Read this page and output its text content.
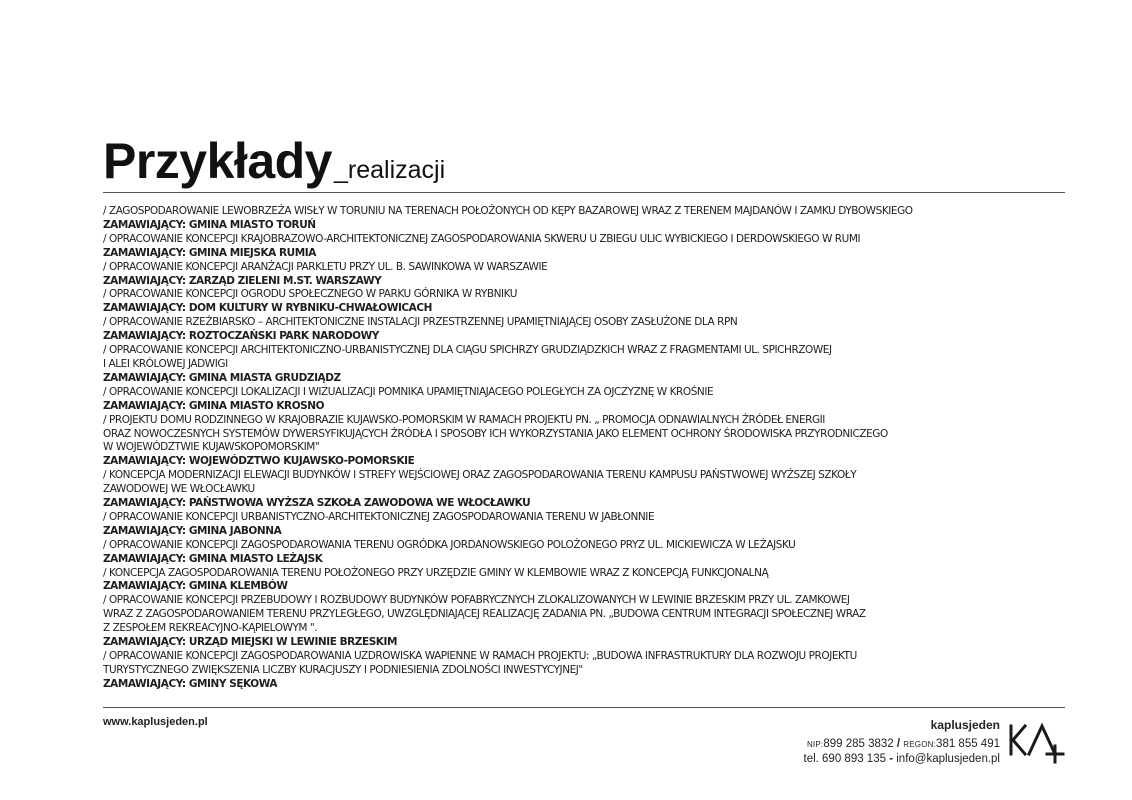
Przykłady_realizacji
/ ZAGOSPODAROWANIE LEWOBRZEŻA WISŁY W TORUNIU NA TERENACH POŁOŻONYCH OD KĘPY BAZAROWEJ WRAZ Z TERENEM MAJDANÓW I ZAMKU DYBOWSKIEGO
ZAMAWIAJĄCY: GMINA MIASTO TORUŃ
/ OPRACOWANIE KONCEPCJI KRAJOBRAZOWO-ARCHITEKTONICZNEJ ZAGOSPODAROWANIA SKWERU U ZBIEGU ULIC WYBICKIEGO I DERDOWSKIEGO W RUMI
ZAMAWIAJĄCY: GMINA MIEJSKA RUMIA
/ OPRACOWANIE KONCEPCJI ARANŻACJI PARKLETU PRZY UL. B. SAWINKOWA W WARSZAWIE
ZAMAWIAJĄCY: ZARZĄD ZIELENI M.ST. WARSZAWY
/ OPRACOWANIE KONCEPCJI OGRODU SPOŁECZNEGO W PARKU GÓRNIKA W RYBNIKU
ZAMAWIAJĄCY: DOM KULTURY W RYBNIKU-CHWAŁOWICACH
/ OPRACOWANIE RZEŹBIARSKO – ARCHITEKTONICZNE INSTALACJI PRZESTRZENNEJ UPAMIĘTNIAJĄCEJ OSOBY ZASŁUŻONE DLA RPN
ZAMAWIAJĄCY: ROZTOCZAŃSKI PARK NARODOWY
/ OPRACOWANIE KONCEPCJI ARCHITEKTONICZNO-URBANISTYCZNEJ DLA CIĄGU SPICHRZY GRUDZIĄDZKICH WRAZ Z FRAGMENTAMI UL. SPICHRZOWEJ
I ALEI KRÓLOWEJ JADWIGI
ZAMAWIAJĄCY: GMINA MIASTA GRUDZIĄDZ
/ OPRACOWANIE KONCEPCJI LOKALIZACJI I WIZUALIZACJI POMNIKA UPAMIĘTNIAJACEGO POLEGŁYCH ZA OJCZYZNĘ W KROŚNIE
ZAMAWIAJĄCY: GMINA MIASTO KROSNO
/ PROJEKTU DOMU RODZINNEGO W KRAJOBRAZIE KUJAWSKO-POMORSKIM W RAMACH PROJEKTU PN. „ PROMOCJA ODNAWIALNYCH ŹRÓDEŁ ENERGII
ORAZ NOWOCZESNYCH SYSTEMÓW DYWERSYFIKUJĄCYCH ŹRÓDŁA I SPOSOBY ICH WYKORZYSTANIA JAKO ELEMENT OCHRONY ŚRODOWISKA PRZYRODNICZEGO
W WOJEWÓDZTWIE KUJAWSKOPOMORSKIM"
ZAMAWIAJĄCY: WOJEWÓDZTWO KUJAWSKO-POMORSKIE
/ KONCEPCJA MODERNIZACJI ELEWACJI BUDYNKÓW I STREFY WEJŚCIOWEJ ORAZ ZAGOSPODAROWANIA TERENU KAMPUSU PAŃSTWOWEJ WYŻSZEJ SZKOŁY
ZAWODOWEJ WE WŁOCŁAWKU
ZAMAWIAJĄCY: PAŃSTWOWA WYŻSZA SZKOŁA ZAWODOWA WE WŁOCŁAWKU
/ OPRACOWANIE KONCEPCJI URBANISTYCZNO-ARCHITEKTONICZNEJ ZAGOSPODAROWANIA TERENU W JABŁONNIE
ZAMAWIAJĄCY: GMINA JABONNA
/ OPRACOWANIE KONCEPCJI ZAGOSPODAROWANIA TERENU OGRÓDKA JORDANOWSKIEGO POLOŻONEGO PRYZ UL. MICKIEWICZA W LEŻAJSKU
ZAMAWIAJĄCY: GMINA MIASTO LEŻAJSK
/ KONCEPCJA ZAGOSPODAROWANIA TERENU POŁOŻONEGO PRZY URZĘDZIE GMINY W KLEMBOWIE WRAZ Z KONCEPCJĄ FUNKCJONALNĄ
ZAMAWIAJĄCY: GMINA KLEMBÓW
/ OPRACOWANIE KONCEPCJI PRZEBUDOWY I ROZBUDOWY BUDYNKÓW POFABRYCZNYCH ZLOKALIZOWANYCH W LEWINIE BRZESKIM PRZY UL. ZAMKOWEJ
WRAZ Z ZAGOSPODAROWANIEM TERENU PRZYLEGŁEGO, UWZGLĘDNIAJĄCEJ REALIZACJĘ ZADANIA PN. „BUDOWA CENTRUM INTEGRACJI SPOŁECZNEJ WRAZ
Z ZESPOŁEM REKREACYJNO-KĄPIELOWYM ".
ZAMAWIAJĄCY: URZĄD MIEJSKI W LEWINIE BRZESKIM
/ OPRACOWANIE KONCEPCJI ZAGOSPODAROWANIA UZDROWISKA WAPIENNE W RAMACH PROJEKTU: „BUDOWA INFRASTRUKTURY DLA ROZWOJU PROJEKTU
TURYSTYCZNEGO ZWIĘKSZENIA LICZBY KURACJUSZY I PODNIESIENIA ZDOLNOŚCI INWESTYCYJNEJ"
ZAMAWIAJĄCY: GMINY SĘKOWA
www.kaplusjeden.pl	kaplusjeden
NIP:899 285 3832 / REGON:381 855 491
tel. 690 893 135 - info@kaplusjeden.pl
